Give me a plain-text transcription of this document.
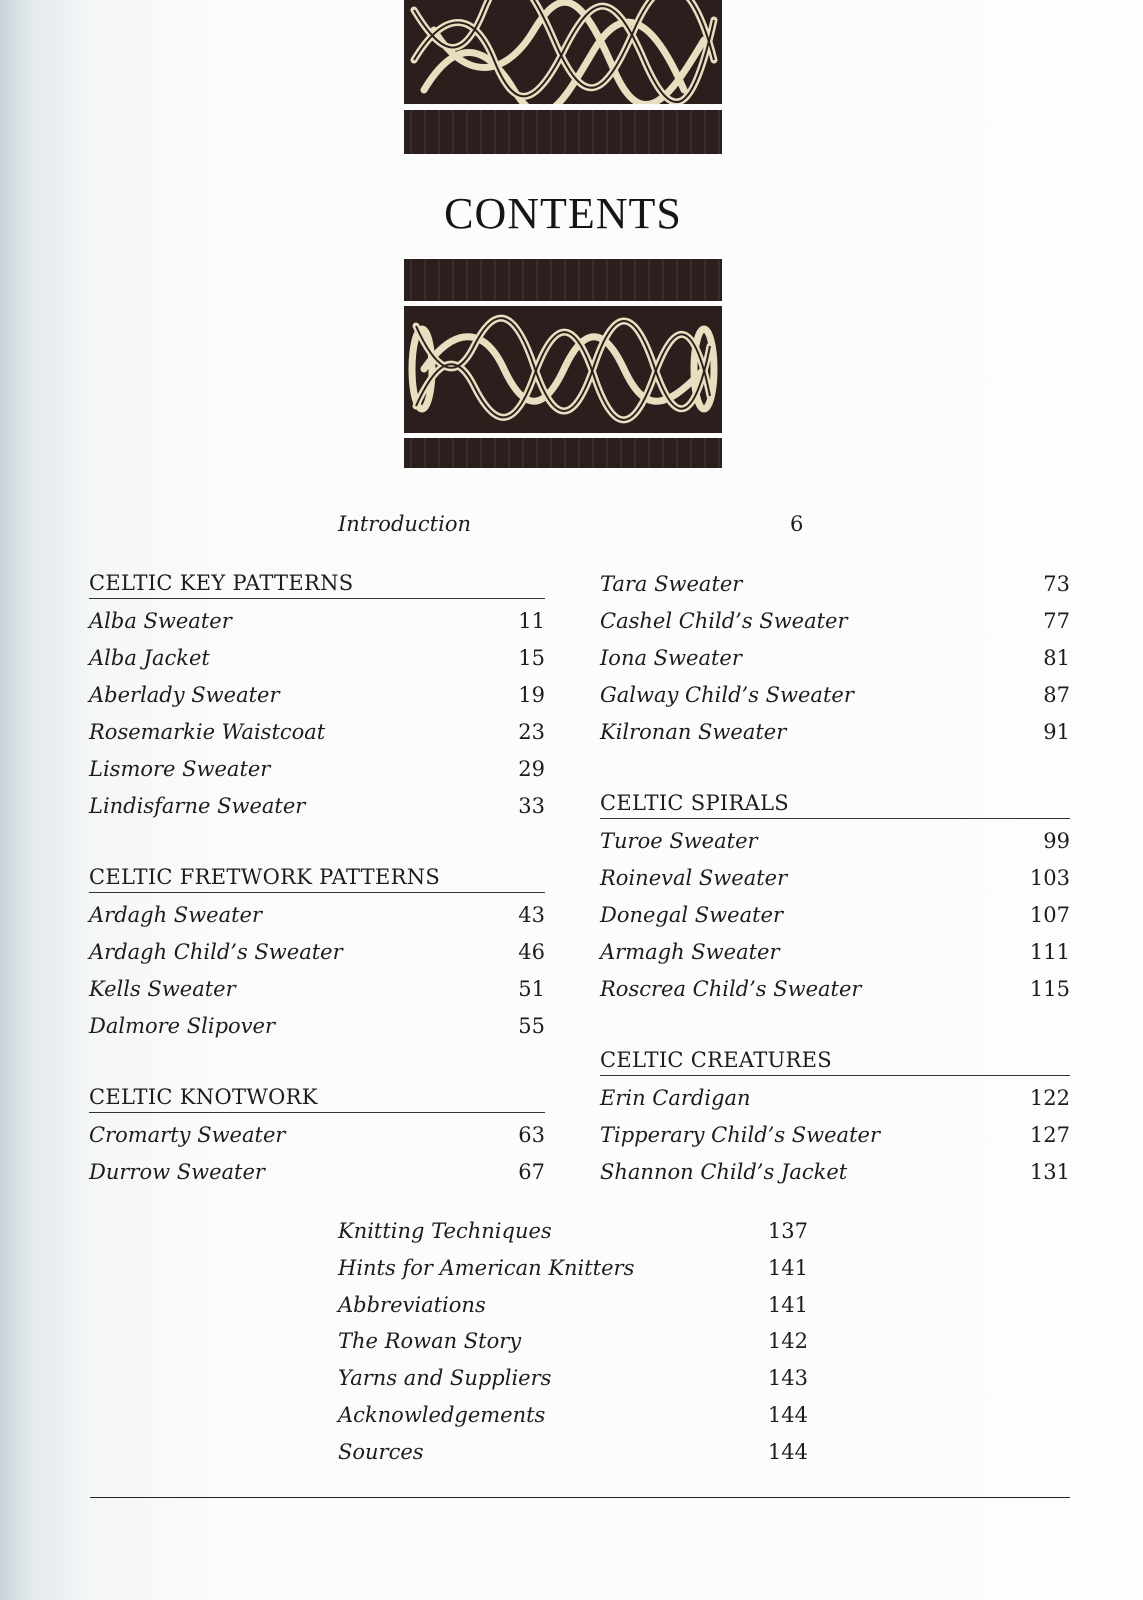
CONTENTS
Introduction	6
CELTIC KEY PATTERNS
Alba Sweater	11
Alba Jacket	15
Aberlady Sweater	19
Rosemarkie Waistcoat	23
Lismore Sweater	29
Lindisfarne Sweater	33
CELTIC FRETWORK PATTERNS
Ardagh Sweater	43
Ardagh Child’s Sweater	46
Kells Sweater	51
Dalmore Slipover	55
CELTIC KNOTWORK
Cromarty Sweater	63
Durrow Sweater	67
Tara Sweater	73
Cashel Child’s Sweater	77
Iona Sweater	81
Galway Child’s Sweater	87
Kilronan Sweater	91
CELTIC SPIRALS
Turoe Sweater	99
Roineval Sweater	103
Donegal Sweater	107
Armagh Sweater	111
Roscrea Child’s Sweater	115
CELTIC CREATURES
Erin Cardigan	122
Tipperary Child’s Sweater	127
Shannon Child’s Jacket	131
Knitting Techniques	137
Hints for American Knitters	141
Abbreviations	141
The Rowan Story	142
Yarns and Suppliers	143
Acknowledgements	144
Sources	144
